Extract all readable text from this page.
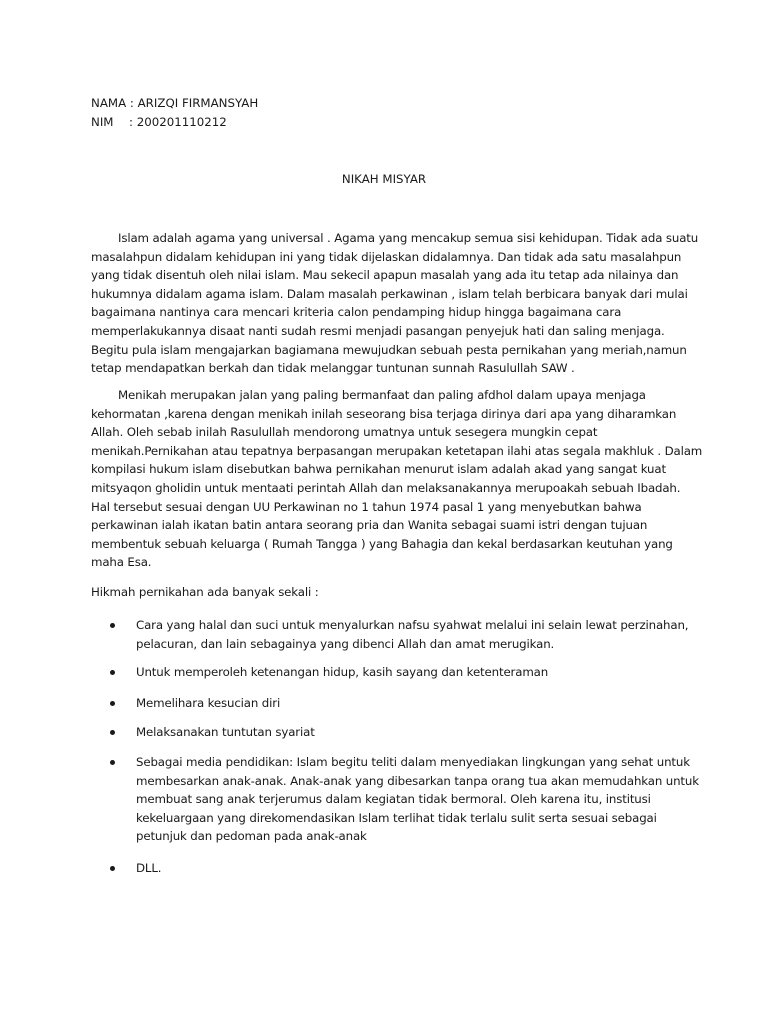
NAMA : ARIZQI FIRMANSYAH
NIM : 200201110212
NIKAH MISYAR
Islam adalah agama yang universal . Agama yang mencakup semua sisi kehidupan. Tidak ada suatu
masalahpun didalam kehidupan ini yang tidak dijelaskan didalamnya. Dan tidak ada satu masalahpun
yang tidak disentuh oleh nilai islam. Mau sekecil apapun masalah yang ada itu tetap ada nilainya dan
hukumnya didalam agama islam. Dalam masalah perkawinan , islam telah berbicara banyak dari mulai
bagaimana nantinya cara mencari kriteria calon pendamping hidup hingga bagaimana cara
memperlakukannya disaat nanti sudah resmi menjadi pasangan penyejuk hati dan saling menjaga.
Begitu pula islam mengajarkan bagiamana mewujudkan sebuah pesta pernikahan yang meriah,namun
tetap mendapatkan berkah dan tidak melanggar tuntunan sunnah Rasulullah SAW .
Menikah merupakan jalan yang paling bermanfaat dan paling afdhol dalam upaya menjaga
kehormatan ,karena dengan menikah inilah seseorang bisa terjaga dirinya dari apa yang diharamkan
Allah. Oleh sebab inilah Rasulullah mendorong umatnya untuk sesegera mungkin cepat
menikah.Pernikahan atau tepatnya berpasangan merupakan ketetapan ilahi atas segala makhluk . Dalam
kompilasi hukum islam disebutkan bahwa pernikahan menurut islam adalah akad yang sangat kuat
mitsyaqon gholidin untuk mentaati perintah Allah dan melaksanakannya merupoakah sebuah Ibadah.
Hal tersebut sesuai dengan UU Perkawinan no 1 tahun 1974 pasal 1 yang menyebutkan bahwa
perkawinan ialah ikatan batin antara seorang pria dan Wanita sebagai suami istri dengan tujuan
membentuk sebuah keluarga ( Rumah Tangga ) yang Bahagia dan kekal berdasarkan keutuhan yang
maha Esa.
Hikmah pernikahan ada banyak sekali :
Cara yang halal dan suci untuk menyalurkan nafsu syahwat melalui ini selain lewat perzinahan,
pelacuran, dan lain sebagainya yang dibenci Allah dan amat merugikan.
Untuk memperoleh ketenangan hidup, kasih sayang dan ketenteraman
Memelihara kesucian diri
Melaksanakan tuntutan syariat
Sebagai media pendidikan: Islam begitu teliti dalam menyediakan lingkungan yang sehat untuk
membesarkan anak-anak. Anak-anak yang dibesarkan tanpa orang tua akan memudahkan untuk
membuat sang anak terjerumus dalam kegiatan tidak bermoral. Oleh karena itu, institusi
kekeluargaan yang direkomendasikan Islam terlihat tidak terlalu sulit serta sesuai sebagai
petunjuk dan pedoman pada anak-anak
DLL.
